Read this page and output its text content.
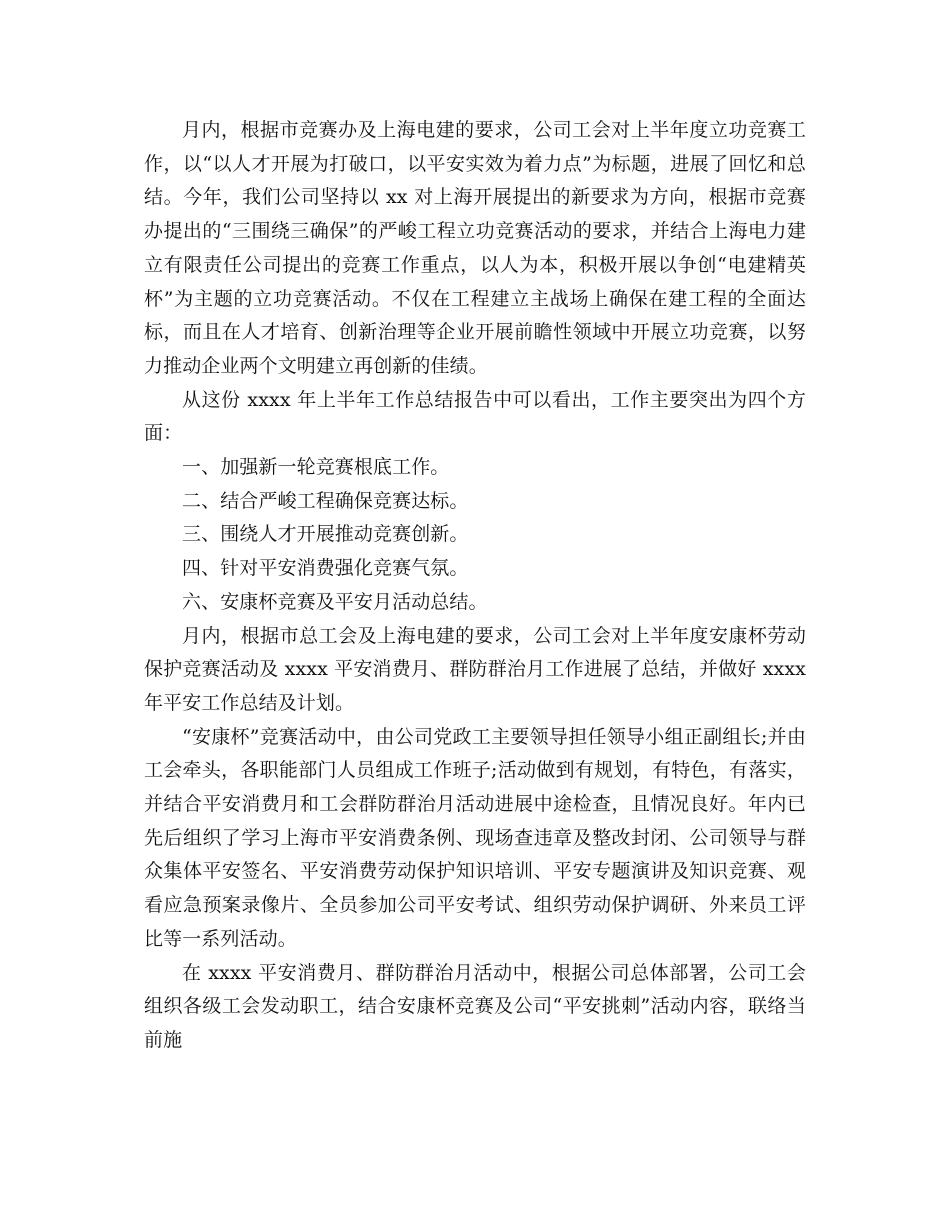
月内，根据市竞赛办及上海电建的要求，公司工会对上半年度立功竞赛工作，以“以人才开展为打破口，以平安实效为着力点”为标题，进展了回忆和总结。今年，我们公司坚持以 xx 对上海开展提出的新要求为方向，根据市竞赛办提出的“三围绕三确保”的严峻工程立功竞赛活动的要求，并结合上海电力建立有限责任公司提出的竞赛工作重点，以人为本，积极开展以争创“电建精英杯”为主题的立功竞赛活动。不仅在工程建立主战场上确保在建工程的全面达标，而且在人才培育、创新治理等企业开展前瞻性领域中开展立功竞赛，以努力推动企业两个文明建立再创新的佳绩。

从这份 xxxx 年上半年工作总结报告中可以看出，工作主要突出为四个方面：

一、加强新一轮竞赛根底工作。

二、结合严峻工程确保竞赛达标。

三、围绕人才开展推动竞赛创新。

四、针对平安消费强化竞赛气氛。

六、安康杯竞赛及平安月活动总结。

月内，根据市总工会及上海电建的要求，公司工会对上半年度安康杯劳动保护竞赛活动及 xxxx 平安消费月、群防群治月工作进展了总结，并做好 xxxx 年平安工作总结及计划。

“安康杯”竞赛活动中，由公司党政工主要领导担任领导小组正副组长;并由工会牵头，各职能部门人员组成工作班子;活动做到有规划，有特色，有落实，并结合平安消费月和工会群防群治月活动进展中途检查，且情况良好。年内已先后组织了学习上海市平安消费条例、现场查违章及整改封闭、公司领导与群众集体平安签名、平安消费劳动保护知识培训、平安专题演讲及知识竞赛、观看应急预案录像片、全员参加公司平安考试、组织劳动保护调研、外来员工评比等一系列活动。

在 xxxx 平安消费月、群防群治月活动中，根据公司总体部署，公司工会组织各级工会发动职工，结合安康杯竞赛及公司“平安挑刺”活动内容，联络当前施
